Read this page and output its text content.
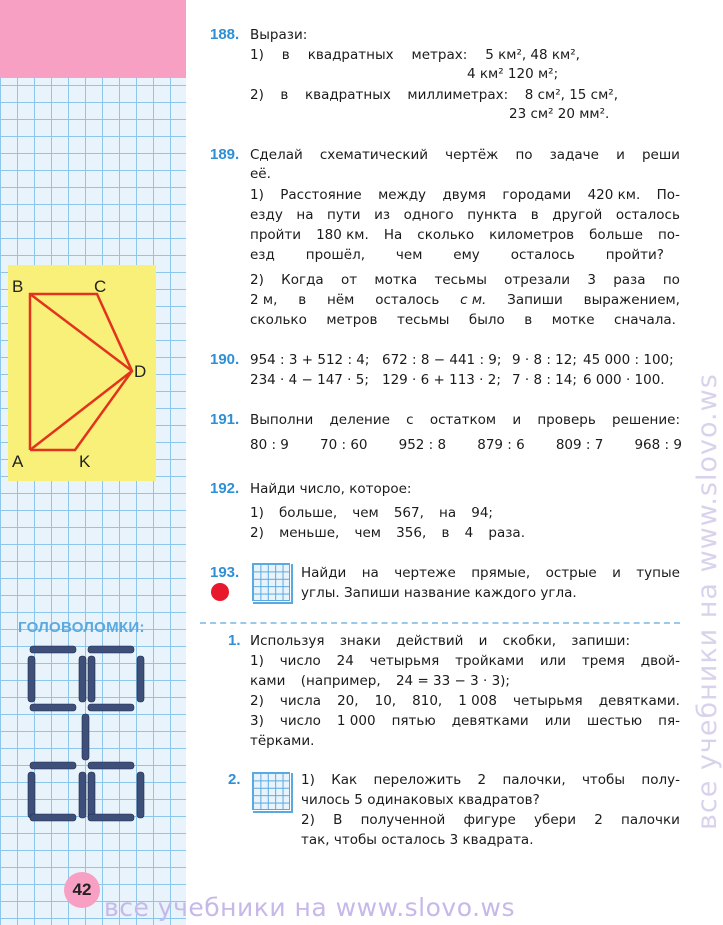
B	C
D
A	K
ГОЛОВОЛОМКИ:
42
188. Вырази:
1) в квадратных метрах: 5 км², 48 км²,
4 км² 120 м²;
2) в квадратных миллиметрах: 8 см², 15 см²,
23 см² 20 мм².
189. Сделай схематический чертёж по задаче и реши
её.
1) Расстояние между двумя городами 420 км. По-
езду на пути из одного пункта в другой осталось
пройти 180 км. На сколько километров больше по-
езд прошёл, чем ему осталось пройти?
2) Когда от мотка тесьмы отрезали 3 раза по
2 м, в нём осталось с м. Запиши выражением,
сколько метров тесьмы было в мотке сначала.
190. 954 : 3 + 512 : 4; 672 : 8 − 441 : 9; 9 · 8 : 12; 45 000 : 100;
234 · 4 − 147 · 5; 129 · 6 + 113 · 2; 7 · 8 : 14; 6 000 · 100.
191. Выполни деление с остатком и проверь решение:
80 : 9 70 : 60 952 : 8 879 : 6 809 : 7 968 : 9
192. Найди число, которое:
1) больше, чем 567, на 94;
2) меньше, чем 356, в 4 раза.
193.	Найди на чертеже прямые, острые и тупые
углы. Запиши название каждого угла.
1. Используя знаки действий и скобки, запиши:
1) число 24 четырьмя тройками или тремя двой-
ками (например, 24 = 33 − 3 · 3);
2) числа 20, 10, 810, 1 008 четырьмя девятками.
3) число 1 000 пятью девятками или шестью пя-
тёрками.
2.	1) Как переложить 2 палочки, чтобы полу-
чилось 5 одинаковых квадратов?
2) В полученной фигуре убери 2 палочки
так, чтобы осталось 3 квадрата.
все учебники на www.slovo.ws
все учебники на www.slovo.ws
